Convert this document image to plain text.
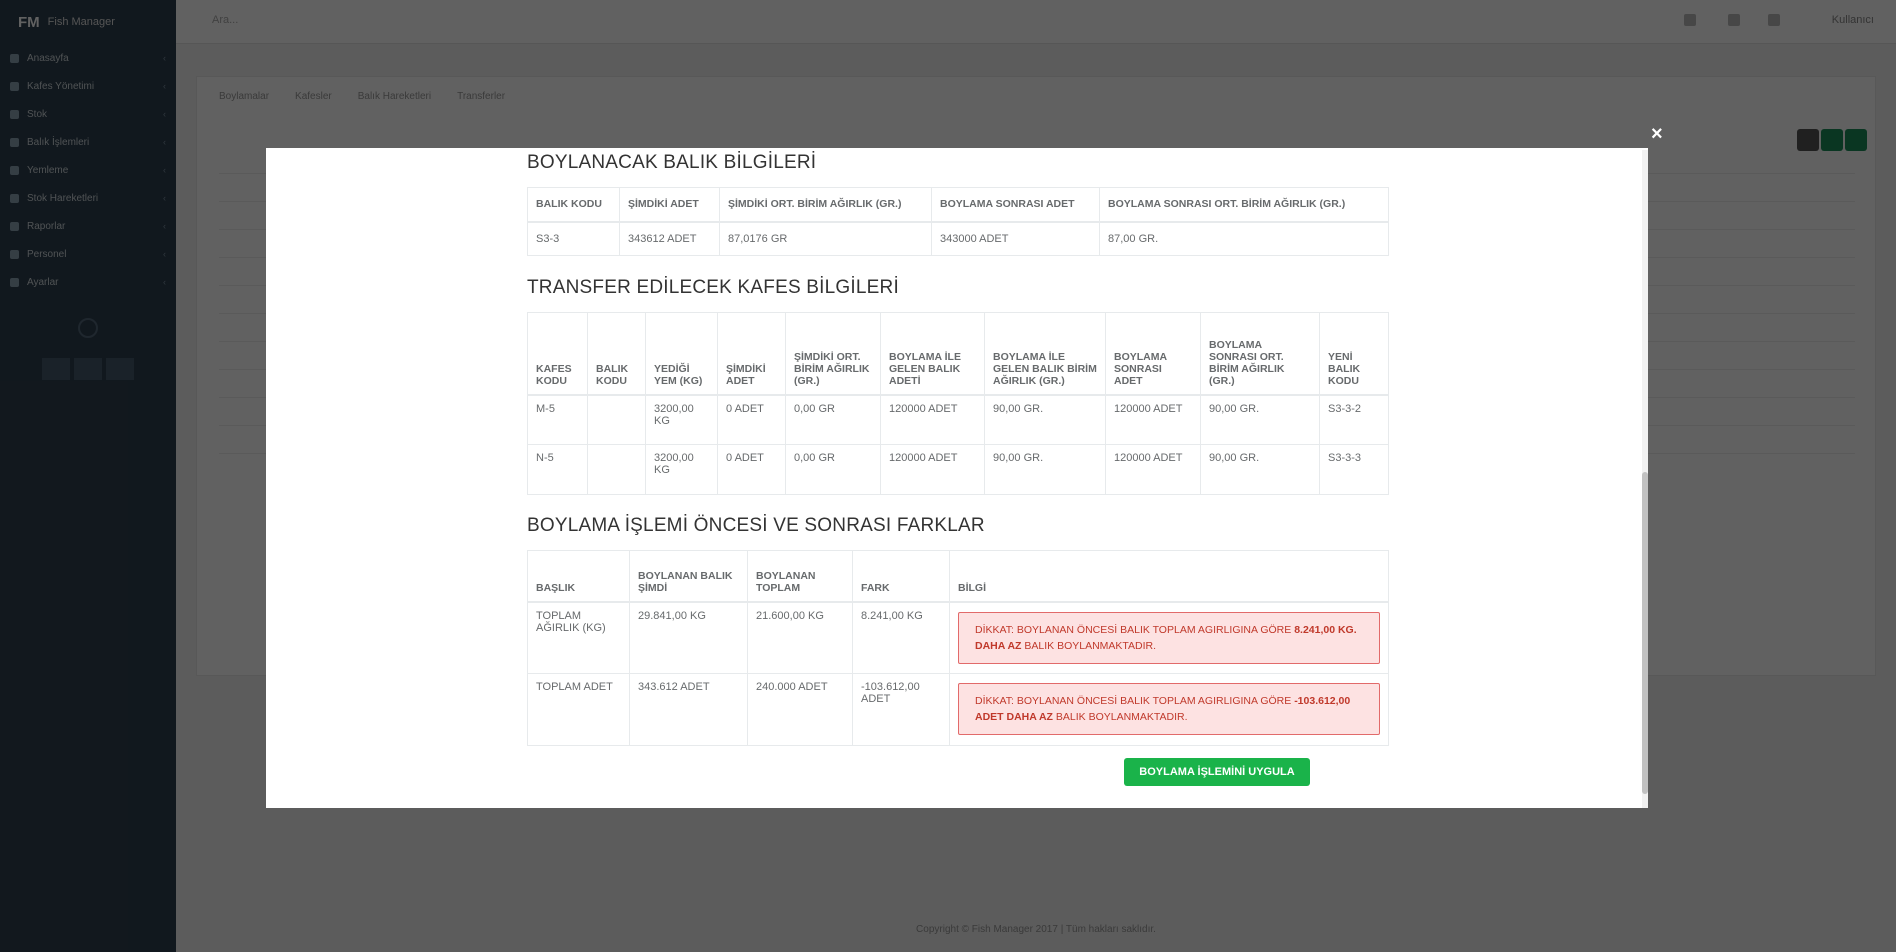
×
BOYLANACAK BALIK BİLGİLERİ
BALIK KODU	ŞİMDİKİ ADET	ŞİMDİKİ ORT. BİRİM AĞIRLIK (GR.)	BOYLAMA SONRASI ADET	BOYLAMA SONRASI ORT. BİRİM AĞIRLIK (GR.)
S3-3	343612 ADET	87,0176 GR	343000 ADET	87,00 GR.
TRANSFER EDİLECEK KAFES BİLGİLERİ
KAFES KODU	BALIK KODU	YEDİĞİ YEM (KG)	ŞİMDİKİ ADET	ŞİMDİKİ ORT. BİRİM AĞIRLIK (GR.)	BOYLAMA İLE GELEN BALIK ADETİ	BOYLAMA İLE GELEN BALIK BİRİM AĞIRLIK (GR.)	BOYLAMA SONRASI ADET	BOYLAMA SONRASI ORT. BİRİM AĞIRLIK (GR.)	YENİ BALIK KODU
M-5		3200,00 KG	0 ADET	0,00 GR	120000 ADET	90,00 GR.	120000 ADET	90,00 GR.	S3-3-2
N-5		3200,00 KG	0 ADET	0,00 GR	120000 ADET	90,00 GR.	120000 ADET	90,00 GR.	S3-3-3
BOYLAMA İŞLEMİ ÖNCESİ VE SONRASI FARKLAR
BAŞLIK	BOYLANAN BALIK ŞİMDİ	BOYLANAN TOPLAM	FARK	BİLGİ
TOPLAM AĞIRLIK (KG)	29.841,00 KG	21.600,00 KG	8.241,00 KG	DİKKAT: BOYLANAN ÖNCESİ BALIK TOPLAM AGIRLIGINA GÖRE 8.241,00 KG. DAHA AZ BALIK BOYLANMAKTADIR.

TOPLAM ADET	343.612 ADET	240.000 ADET	-103.612,00 ADET	DİKKAT: BOYLANAN ÖNCESİ BALIK TOPLAM AGIRLIGINA GÖRE -103.612,00 ADET DAHA AZ BALIK BOYLANMAKTADIR.
BOYLAMA İŞLEMİNİ UYGULA
